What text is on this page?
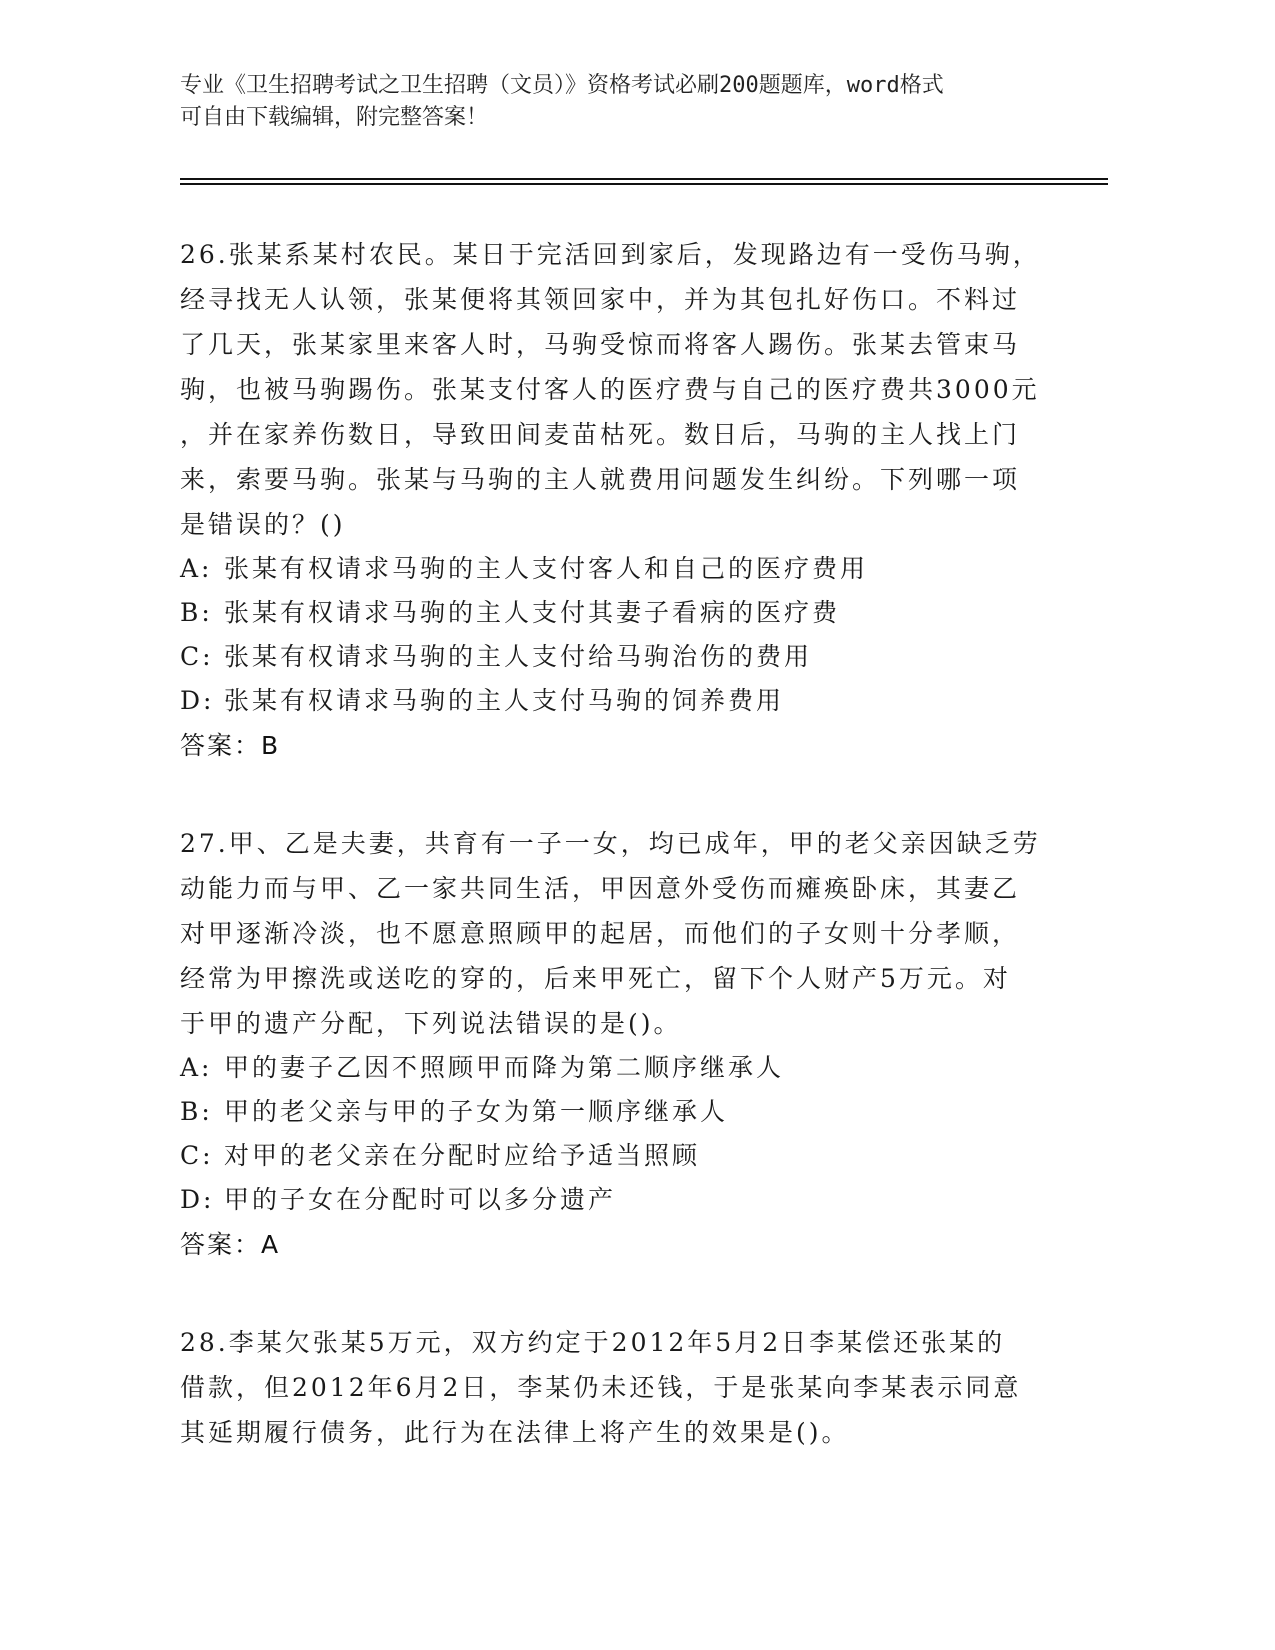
专业《卫生招聘考试之卫生招聘（文员）》资格考试必刷200题题库，word格式
可自由下载编辑，附完整答案！
26.张某系某村农民。某日于完活回到家后，发现路边有一受伤马驹，
经寻找无人认领，张某便将其领回家中，并为其包扎好伤口。不料过
了几天，张某家里来客人时，马驹受惊而将客人踢伤。张某去管束马
驹，也被马驹踢伤。张某支付客人的医疗费与自己的医疗费共3000元
，并在家养伤数日，导致田间麦苗枯死。数日后，马驹的主人找上门
来，索要马驹。张某与马驹的主人就费用问题发生纠纷。下列哪一项
是错误的？()
A: 张某有权请求马驹的主人支付客人和自己的医疗费用
B: 张某有权请求马驹的主人支付其妻子看病的医疗费
C: 张某有权请求马驹的主人支付给马驹治伤的费用
D: 张某有权请求马驹的主人支付马驹的饲养费用
答案：B
27.甲、乙是夫妻，共育有一子一女，均已成年，甲的老父亲因缺乏劳
动能力而与甲、乙一家共同生活，甲因意外受伤而瘫痪卧床，其妻乙
对甲逐渐冷淡，也不愿意照顾甲的起居，而他们的子女则十分孝顺，
经常为甲擦洗或送吃的穿的，后来甲死亡，留下个人财产5万元。对
于甲的遗产分配，下列说法错误的是()。
A: 甲的妻子乙因不照顾甲而降为第二顺序继承人
B: 甲的老父亲与甲的子女为第一顺序继承人
C: 对甲的老父亲在分配时应给予适当照顾
D: 甲的子女在分配时可以多分遗产
答案：A
28.李某欠张某5万元，双方约定于2012年5月2日李某偿还张某的
借款，但2012年6月2日，李某仍未还钱，于是张某向李某表示同意
其延期履行债务，此行为在法律上将产生的效果是()。
